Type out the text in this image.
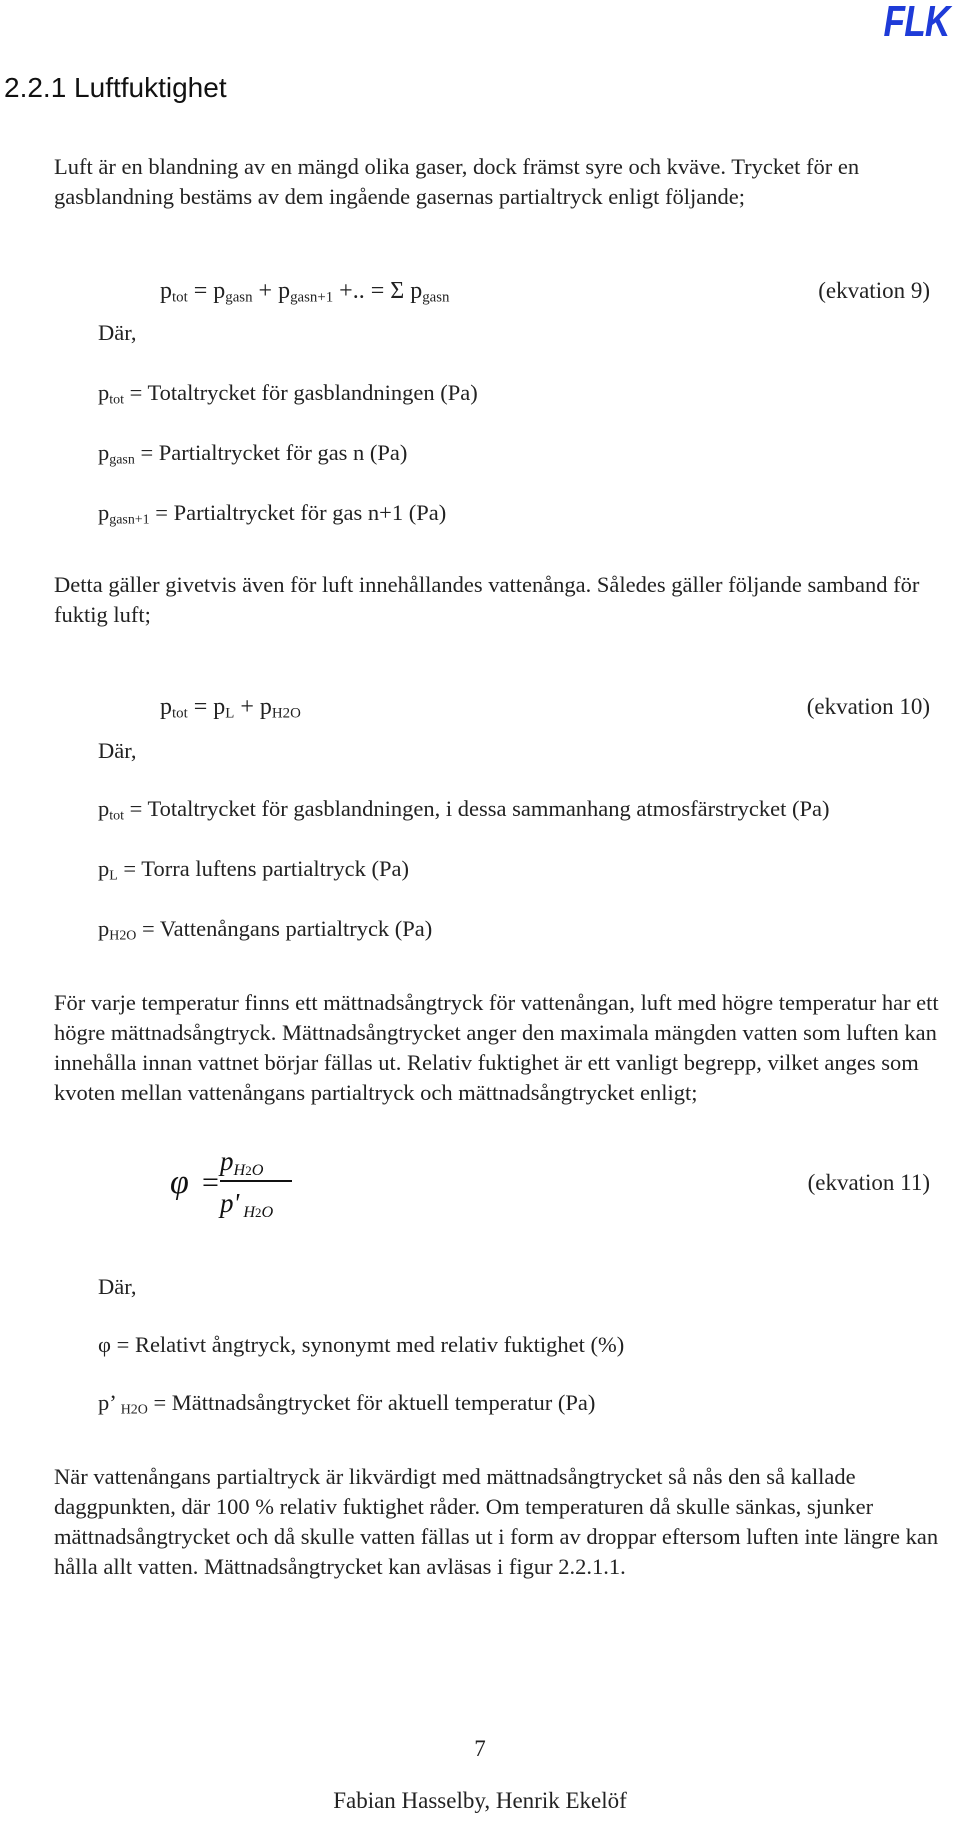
FLK
2.2.1 Luftfuktighet
Luft är en blandning av en mängd olika gaser, dock främst syre och kväve. Trycket för en gasblandning bestäms av dem ingående gasernas partialtryck enligt följande;
$p_{tot} = p_{gasn} + p_{gasn+1}$ +.. = Σ $p_{gasn}$	(ekvation 9)
Där,
$p_{tot}$ = Totaltrycket för gasblandningen (Pa)
$p_{gasn}$ = Partialtrycket för gas n (Pa)
$p_{gasn+1}$ = Partialtrycket för gas n+1 (Pa)
Detta gäller givetvis även för luft innehållandes vattenånga. Således gäller följande samband för fuktig luft;
$p_{tot} = p_L + p_{H2O}$	(ekvation 10)
Där,
$p_{tot}$ = Totaltrycket för gasblandningen, i dessa sammanhang atmosfärstrycket (Pa)
$p_L$ = Torra luftens partialtryck (Pa)
$p_{H2O}$ = Vattenångans partialtryck (Pa)
För varje temperatur finns ett mättnadsångtryck för vattenångan, luft med högre temperatur har ett högre mättnadsångtryck. Mättnadsångtrycket anger den maximala mängden vatten som luften kan innehålla innan vattnet börjar fällas ut. Relativ fuktighet är ett vanligt begrepp, vilket anges som kvoten mellan vattenångans partialtryck och mättnadsångtrycket enligt;
φ =
$p_{H2O}$
p' $_{H2O}$
(ekvation 11)
Där,
φ = Relativt ångtryck, synonymt med relativ fuktighet (%)
p’ $_{H2O}$ = Mättnadsångtrycket för aktuell temperatur (Pa)
När vattenångans partialtryck är likvärdigt med mättnadsångtrycket så nås den så kallade daggpunkten, där 100 % relativ fuktighet råder. Om temperaturen då skulle sänkas, sjunker mättnadsångtrycket och då skulle vatten fällas ut i form av droppar eftersom luften inte längre kan hålla allt vatten. Mättnadsångtrycket kan avläsas i figur 2.2.1.1.
7
Fabian Hasselby, Henrik Ekelöf
